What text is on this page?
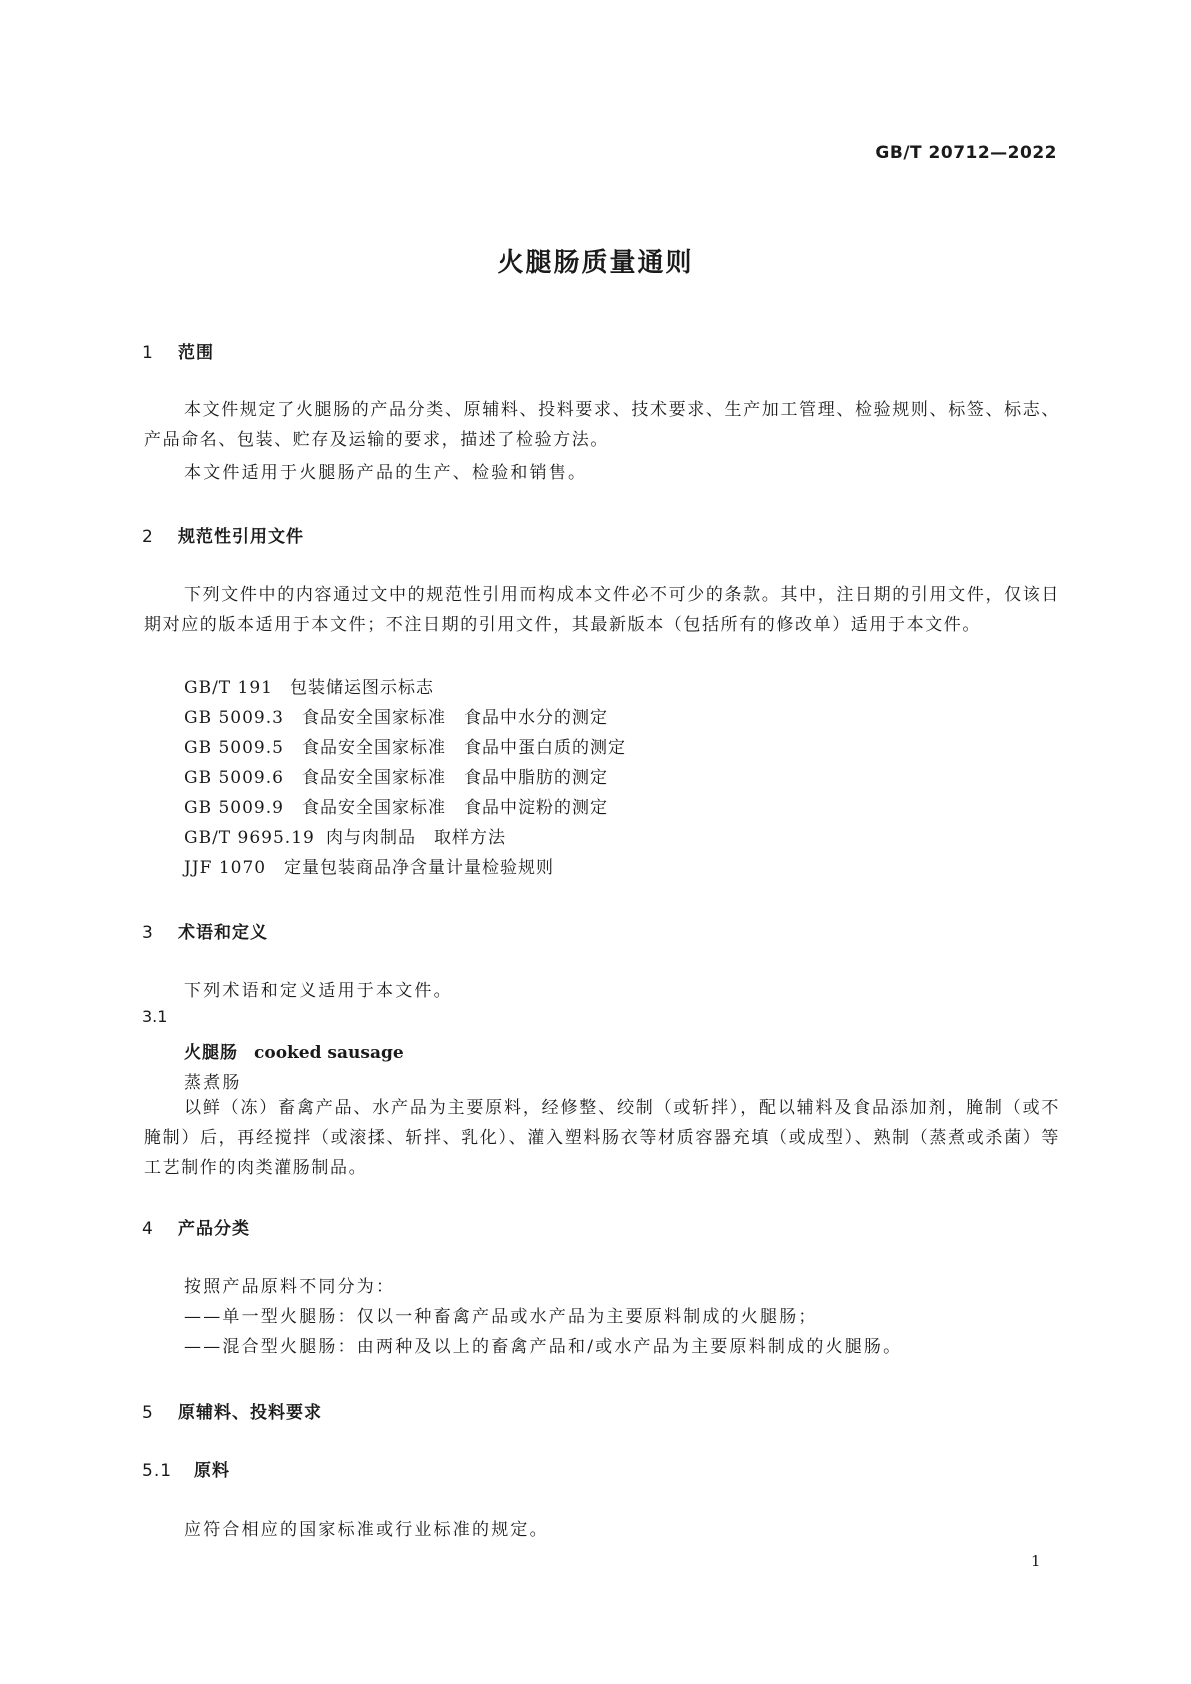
GB/T 20712—2022
火腿肠质量通则
1 范围
本文件规定了火腿肠的产品分类、原辅料、投料要求、技术要求、生产加工管理、检验规则、标签、标志、产品命名、包装、贮存及运输的要求，描述了检验方法。
本文件适用于火腿肠产品的生产、检验和销售。
2 规范性引用文件
下列文件中的内容通过文中的规范性引用而构成本文件必不可少的条款。其中，注日期的引用文件，仅该日期对应的版本适用于本文件；不注日期的引用文件，其最新版本（包括所有的修改单）适用于本文件。
GB/T 191 包装储运图示标志
GB 5009.3 食品安全国家标准　食品中水分的测定
GB 5009.5 食品安全国家标准　食品中蛋白质的测定
GB 5009.6 食品安全国家标准　食品中脂肪的测定
GB 5009.9 食品安全国家标准　食品中淀粉的测定
GB/T 9695.19 肉与肉制品　取样方法
JJF 1070 定量包装商品净含量计量检验规则
3 术语和定义
下列术语和定义适用于本文件。
3.1
火腿肠 cooked sausage
蒸煮肠
以鲜（冻）畜禽产品、水产品为主要原料，经修整、绞制（或斩拌），配以辅料及食品添加剂，腌制（或不腌制）后，再经搅拌（或滚揉、斩拌、乳化）、灌入塑料肠衣等材质容器充填（或成型）、熟制（蒸煮或杀菌）等工艺制作的肉类灌肠制品。
4 产品分类
按照产品原料不同分为：
——单一型火腿肠：仅以一种畜禽产品或水产品为主要原料制成的火腿肠；
——混合型火腿肠：由两种及以上的畜禽产品和/或水产品为主要原料制成的火腿肠。
5 原辅料、投料要求
5.1 原料
应符合相应的国家标准或行业标准的规定。
1
